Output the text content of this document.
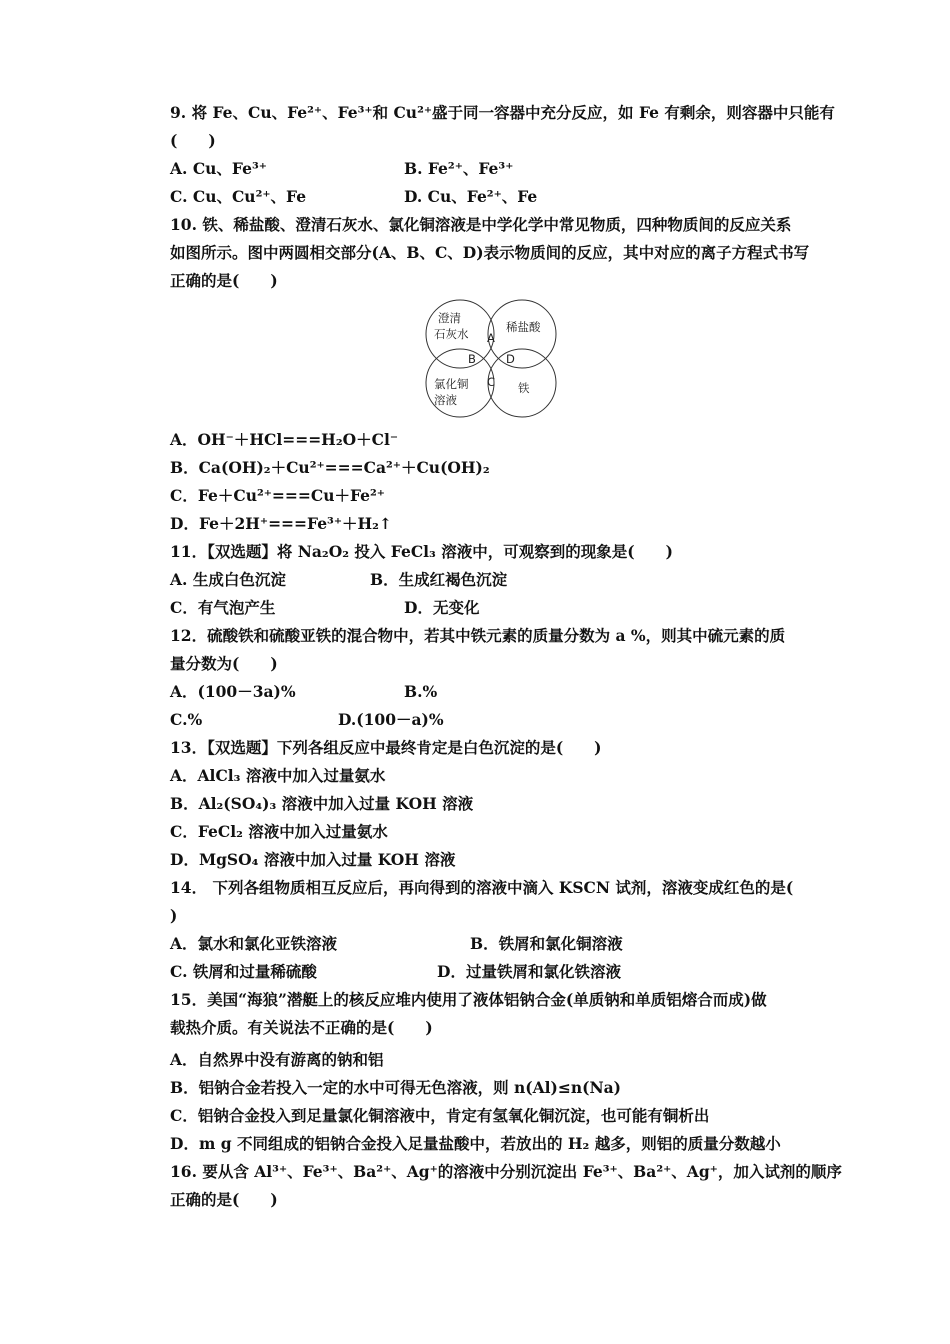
9. 将 Fe、Cu、Fe²⁺、Fe³⁺和 Cu²⁺盛于同一容器中充分反应，如 Fe 有剩余，则容器中只能有
(　　)
A. Cu、Fe³⁺	B. Fe²⁺、Fe³⁺
C. Cu、Cu²⁺、Fe	D. Cu、Fe²⁺、Fe
10. 铁、稀盐酸、澄清石灰水、氯化铜溶液是中学化学中常见物质，四种物质间的反应关系
如图所示。图中两圆相交部分(A、B、C、D)表示物质间的反应，其中对应的离子方程式书写
正确的是(　　)
澄清
石灰水	稀盐酸
氯化铜
溶液
铁
A
B
C
D
A．OH⁻＋HCl===H₂O＋Cl⁻
B．Ca(OH)₂＋Cu²⁺===Ca²⁺＋Cu(OH)₂
C．Fe＋Cu²⁺===Cu＋Fe²⁺
D．Fe＋2H⁺===Fe³⁺＋H₂↑
11．【双选题】将 Na₂O₂ 投入 FeCl₃ 溶液中，可观察到的现象是(　　)
A. 生成白色沉淀	B．生成红褐色沉淀
C．有气泡产生	D．无变化
12．硫酸铁和硫酸亚铁的混合物中，若其中铁元素的质量分数为 a %，则其中硫元素的质
量分数为(　　)
A．(100－3a)%	B.%
C.%	D.(100－a)%
13．【双选题】下列各组反应中最终肯定是白色沉淀的是(　　)
A．AlCl₃ 溶液中加入过量氨水
B．Al₂(SO₄)₃ 溶液中加入过量 KOH 溶液
C．FeCl₂ 溶液中加入过量氨水
D．MgSO₄ 溶液中加入过量 KOH 溶液
14． 下列各组物质相互反应后，再向得到的溶液中滴入 KSCN 试剂，溶液变成红色的是(
)
A．氯水和氯化亚铁溶液	B．铁屑和氯化铜溶液
C. 铁屑和过量稀硫酸	D．过量铁屑和氯化铁溶液
15．美国“海狼”潜艇上的核反应堆内使用了液体铝钠合金(单质钠和单质铝熔合而成)做
载热介质。有关说法不正确的是(　　)
A．自然界中没有游离的钠和铝
B．铝钠合金若投入一定的水中可得无色溶液，则 n(Al)≤n(Na)
C．铝钠合金投入到足量氯化铜溶液中，肯定有氢氧化铜沉淀，也可能有铜析出
D．m g 不同组成的铝钠合金投入足量盐酸中，若放出的 H₂ 越多，则铝的质量分数越小
16. 要从含 Al³⁺、Fe³⁺、Ba²⁺、Ag⁺的溶液中分别沉淀出 Fe³⁺、Ba²⁺、Ag⁺，加入试剂的顺序
正确的是(　　)
